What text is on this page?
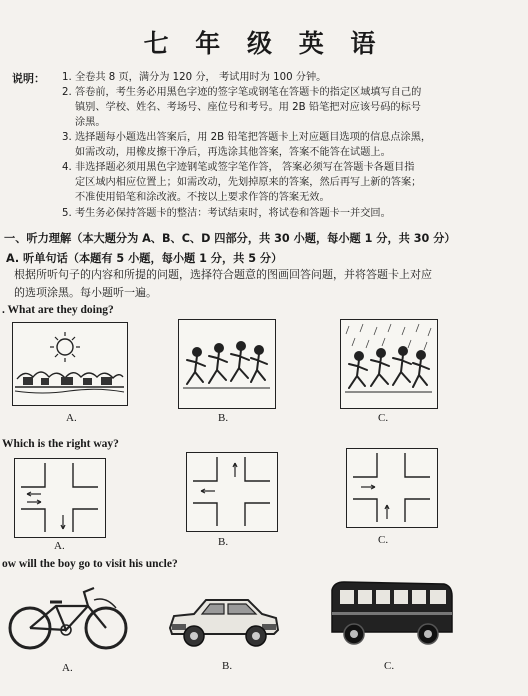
七 年 级 英 语
说明： 1. 全卷共 8 页，满分为 120 分， 考试用时为 100 分钟。
2. 答卷前，考生务必用黑色字迹的签字笔或钢笔在答题卡的指定区域填写自己的
镇别、学校、姓名、考场号、座位号和考号。用 2B 铅笔把对应该号码的标号
涂黑。
3. 选择题每小题选出答案后，用 2B 铅笔把答题卡上对应题目选项的信息点涂黑，
如需改动，用橡皮擦干净后，再选涂其他答案，答案不能答在试题上。
4. 非选择题必须用黑色字迹钢笔或签字笔作答， 答案必须写在答题卡各题目指
定区域内相应位置上；如需改动，先划掉原来的答案，然后再写上新的答案；
不准使用铅笔和涂改液。不按以上要求作答的答案无效。
5. 考生务必保持答题卡的整洁：考试结束时，将试卷和答题卡一并交回。
一、听力理解（本大题分为 A、B、C、D 四部分，共 30 小题，每小题 1 分，共 30 分）
A. 听单句话（本题有 5 小题，每小题 1 分，共 5 分）
根据所听句子的内容和所提的问题，选择符合题意的图画回答问题，并将答题卡上对应
的选项涂黑。每小题听一遍。
. What are they doing?
A.	B.	C.
Which is the right way?
A.	B.	C.
ow will the boy go to visit his uncle?
A.	B.	C.
